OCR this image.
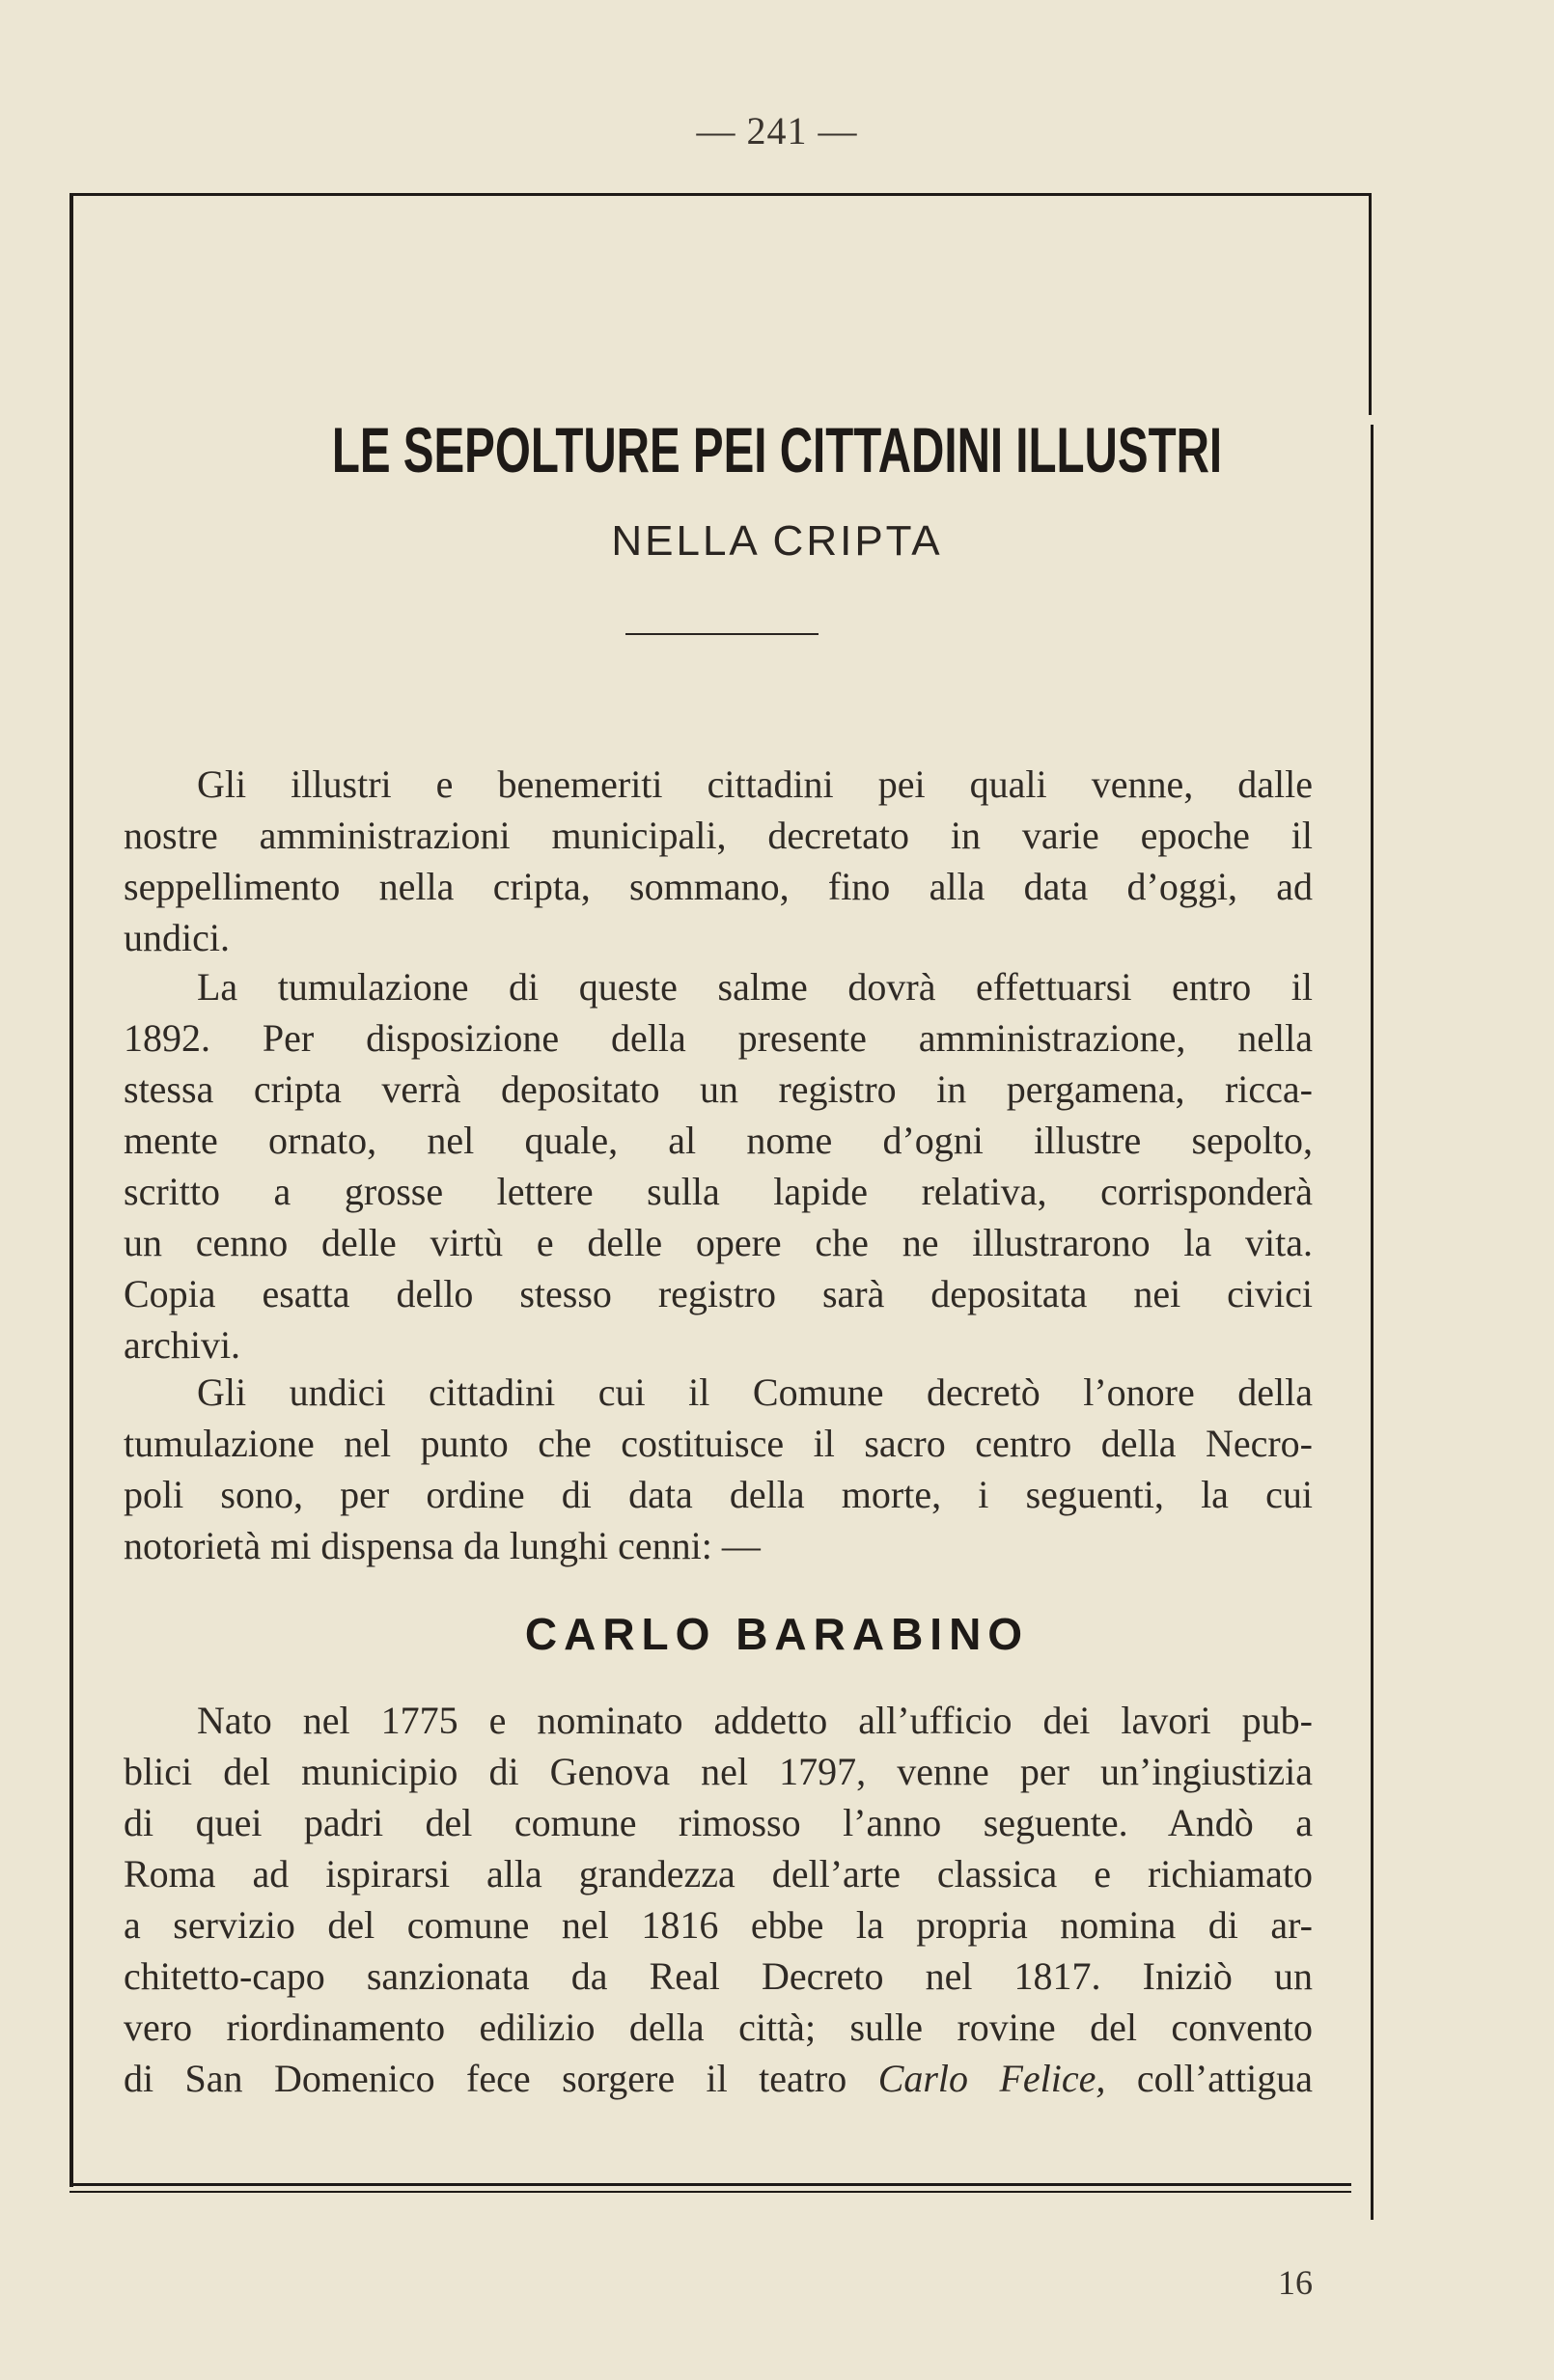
— 241 —
LE SEPOLTURE PEI CITTADINI ILLUSTRI
NELLA CRIPTA

Gli illustri e benemeriti cittadini pei quali venne, dalle

nostre amministrazioni municipali, decretato in varie epoche il

seppellimento nella cripta, sommano, fino alla data d’oggi, ad

undici.

La tumulazione di queste salme dovrà effettuarsi entro il

1892. Per disposizione della presente amministrazione, nella

stessa cripta verrà depositato un registro in pergamena, ricca-

mente ornato, nel quale, al nome d’ogni illustre sepolto,

scritto a grosse lettere sulla lapide relativa, corrisponderà

un cenno delle virtù e delle opere che ne illustrarono la vita.

Copia esatta dello stesso registro sarà depositata nei civici

archivi.

Gli undici cittadini cui il Comune decretò l’onore della

tumulazione nel punto che costituisce il sacro centro della Necro-

poli sono, per ordine di data della morte, i seguenti, la cui

notorietà mi dispensa da lunghi cenni: —

CARLO BARABINO

Nato nel 1775 e nominato addetto all’ufficio dei lavori pub-

blici del municipio di Genova nel 1797, venne per un’ingiustizia

di quei padri del comune rimosso l’anno seguente. Andò a

Roma ad ispirarsi alla grandezza dell’arte classica e richiamato

a servizio del comune nel 1816 ebbe la propria nomina di ar-

chitetto-capo sanzionata da Real Decreto nel 1817. Iniziò un

vero riordinamento edilizio della città; sulle rovine del convento

di San Domenico fece sorgere il teatro Carlo Felice, coll’attigua

16
